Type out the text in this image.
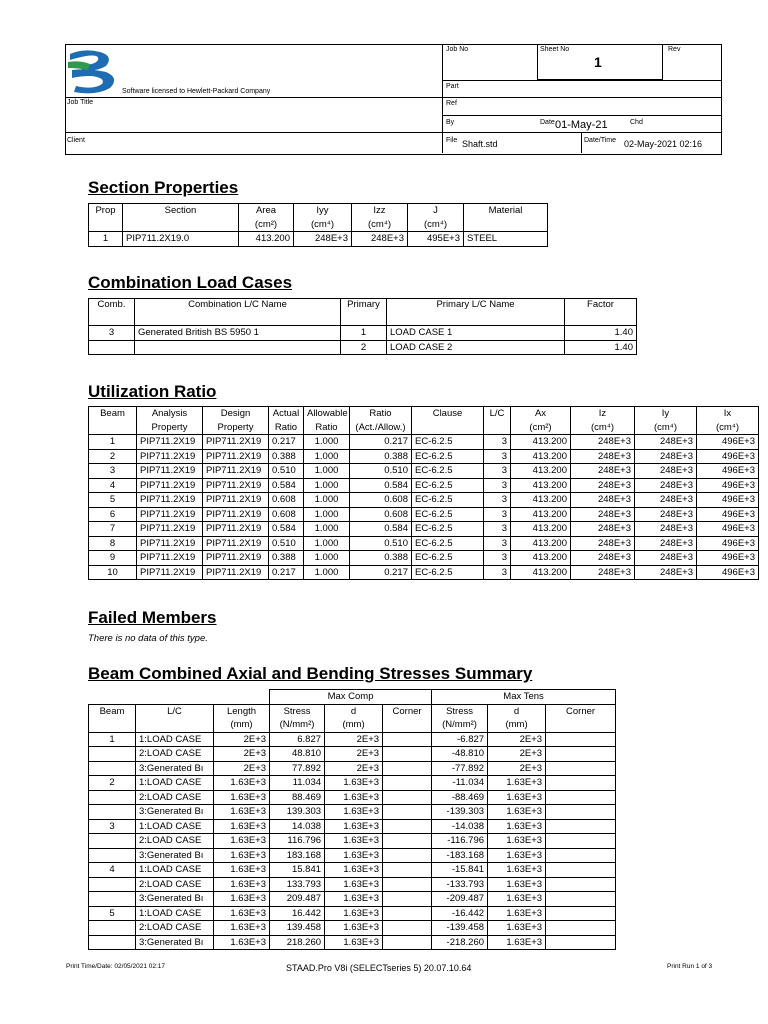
Software licensed to Hewlett-Packard Company
Job No	Sheet No
1
Rev
Part
Ref
By	Date 01-May-21	Chd
Job Title
Client	File Shaft.std	Date/Time 02-May-2021 02:16
Section Properties
Prop	Section	Area	Iyy	Izz	J	Material
		(cm²)	(cm⁴)	(cm⁴)	(cm⁴)	
1	PIP711.2X19.0	413.200	248E+3	248E+3	495E+3	STEEL
Combination Load Cases
Comb.	Combination L/C Name	Primary	Primary L/C Name	Factor
3	Generated British BS 5950 1	1	LOAD CASE 1	1.40
		2	LOAD CASE 2	1.40
Utilization Ratio
Beam	Analysis	Design	Actual	Allowable	Ratio	Clause	L/C	Ax	Iz	Iy	Ix
	Property	Property	Ratio	Ratio	(Act./Allow.)			(cm²)	(cm⁴)	(cm⁴)	(cm⁴)
1	PIP711.2X19	PIP711.2X19	0.217	1.000	0.217	EC-6.2.5	3	413.200	248E+3	248E+3	496E+3
2	PIP711.2X19	PIP711.2X19	0.388	1.000	0.388	EC-6.2.5	3	413.200	248E+3	248E+3	496E+3
3	PIP711.2X19	PIP711.2X19	0.510	1.000	0.510	EC-6.2.5	3	413.200	248E+3	248E+3	496E+3
4	PIP711.2X19	PIP711.2X19	0.584	1.000	0.584	EC-6.2.5	3	413.200	248E+3	248E+3	496E+3
5	PIP711.2X19	PIP711.2X19	0.608	1.000	0.608	EC-6.2.5	3	413.200	248E+3	248E+3	496E+3
6	PIP711.2X19	PIP711.2X19	0.608	1.000	0.608	EC-6.2.5	3	413.200	248E+3	248E+3	496E+3
7	PIP711.2X19	PIP711.2X19	0.584	1.000	0.584	EC-6.2.5	3	413.200	248E+3	248E+3	496E+3
8	PIP711.2X19	PIP711.2X19	0.510	1.000	0.510	EC-6.2.5	3	413.200	248E+3	248E+3	496E+3
9	PIP711.2X19	PIP711.2X19	0.388	1.000	0.388	EC-6.2.5	3	413.200	248E+3	248E+3	496E+3
10	PIP711.2X19	PIP711.2X19	0.217	1.000	0.217	EC-6.2.5	3	413.200	248E+3	248E+3	496E+3
Failed Members
There is no data of this type.
Beam Combined Axial and Bending Stresses Summary
			Max Comp			Max Tens		
Beam	L/C	Length	Stress	d	Corner	Stress	d	Corner
		(mm)	(N/mm²)	(mm)		(N/mm²)	(mm)	
1	1:LOAD CASE	2E+3	6.827	2E+3		-6.827	2E+3	
	2:LOAD CASE	2E+3	48.810	2E+3		-48.810	2E+3	
	3:Generated Bı	2E+3	77.892	2E+3		-77.892	2E+3	
2	1:LOAD CASE	1.63E+3	11.034	1.63E+3		-11.034	1.63E+3	
	2:LOAD CASE	1.63E+3	88.469	1.63E+3		-88.469	1.63E+3	
	3:Generated Bı	1.63E+3	139.303	1.63E+3		-139.303	1.63E+3	
3	1:LOAD CASE	1.63E+3	14.038	1.63E+3		-14.038	1.63E+3	
	2:LOAD CASE	1.63E+3	116.796	1.63E+3		-116.796	1.63E+3	
	3:Generated Bı	1.63E+3	183.168	1.63E+3		-183.168	1.63E+3	
4	1:LOAD CASE	1.63E+3	15.841	1.63E+3		-15.841	1.63E+3	
	2:LOAD CASE	1.63E+3	133.793	1.63E+3		-133.793	1.63E+3	
	3:Generated Bı	1.63E+3	209.487	1.63E+3		-209.487	1.63E+3	
5	1:LOAD CASE	1.63E+3	16.442	1.63E+3		-16.442	1.63E+3	
	2:LOAD CASE	1.63E+3	139.458	1.63E+3		-139.458	1.63E+3	
	3:Generated Bı	1.63E+3	218.260	1.63E+3		-218.260	1.63E+3	
Print Time/Date: 02/05/2021 02:17	STAAD.Pro V8i (SELECTseries 5) 20.07.10.64	Print Run 1 of 3
